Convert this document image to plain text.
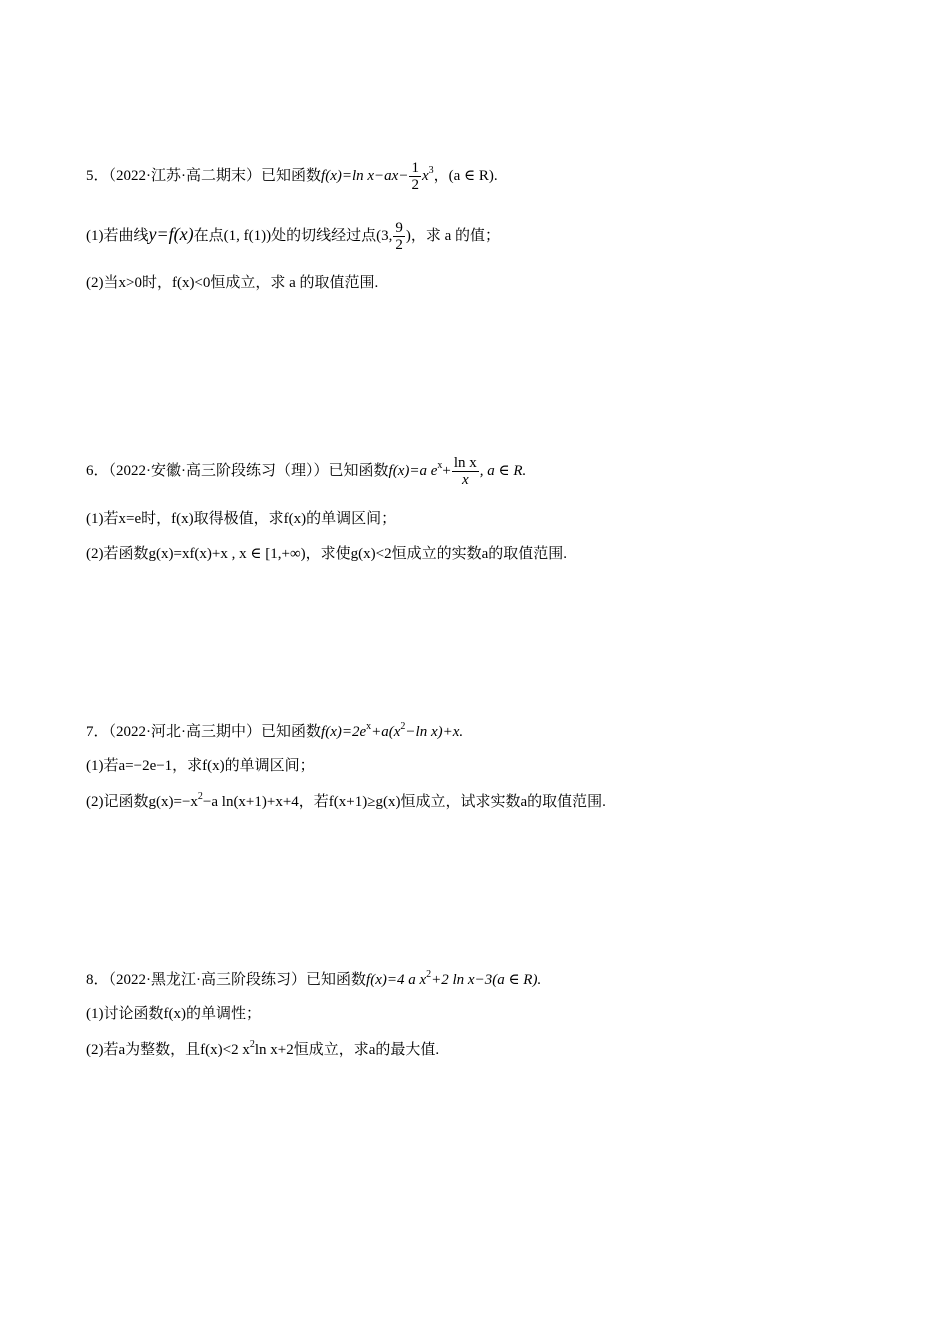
5．（2022·江苏·高二期末）已知函数f(x)=ln $x-ax- \frac{1}{2} x^3$，(a ∈ R).
(1)若曲线y=f(x)在点(1, f(1))处的切线经过点(3, $\frac{9}{2}$ )，求 a 的值；
(2)当x>0时，f(x)<0恒成立，求 a 的取值范围.
6．（2022·安徽·高三阶段练习（理））已知函数f(x)=a $e^x+ \frac{\text{ln x}}{x}$ , a ∈ R.
(1)若x=e时，f(x)取得极值，求f(x)的单调区间；
(2)若函数g(x)=xf(x)+x , x ∈ [1,+∞)，求使g(x)<2恒成立的实数a的取值范围.
7．（2022·河北·高三期中）已知函数$f(x)=2e^x+a(x^2-\ln$ x)+x.
(1)若a=−2e−1，求f(x)的单调区间；
(2)记函数$g(x)=-x^2-a$ ln(x+1)+x+4，若f(x+1)≥g(x)恒成立，试求实数a的取值范围.
8．（2022·黑龙江·高三阶段练习）已知函数f(x)=4 a $x^2+2$ ln x−3(a ∈ R).
(1)讨论函数f(x)的单调性；
(2)若a为整数，且f(x)<2 $x^2\ln$ x+2恒成立，求a的最大值.
